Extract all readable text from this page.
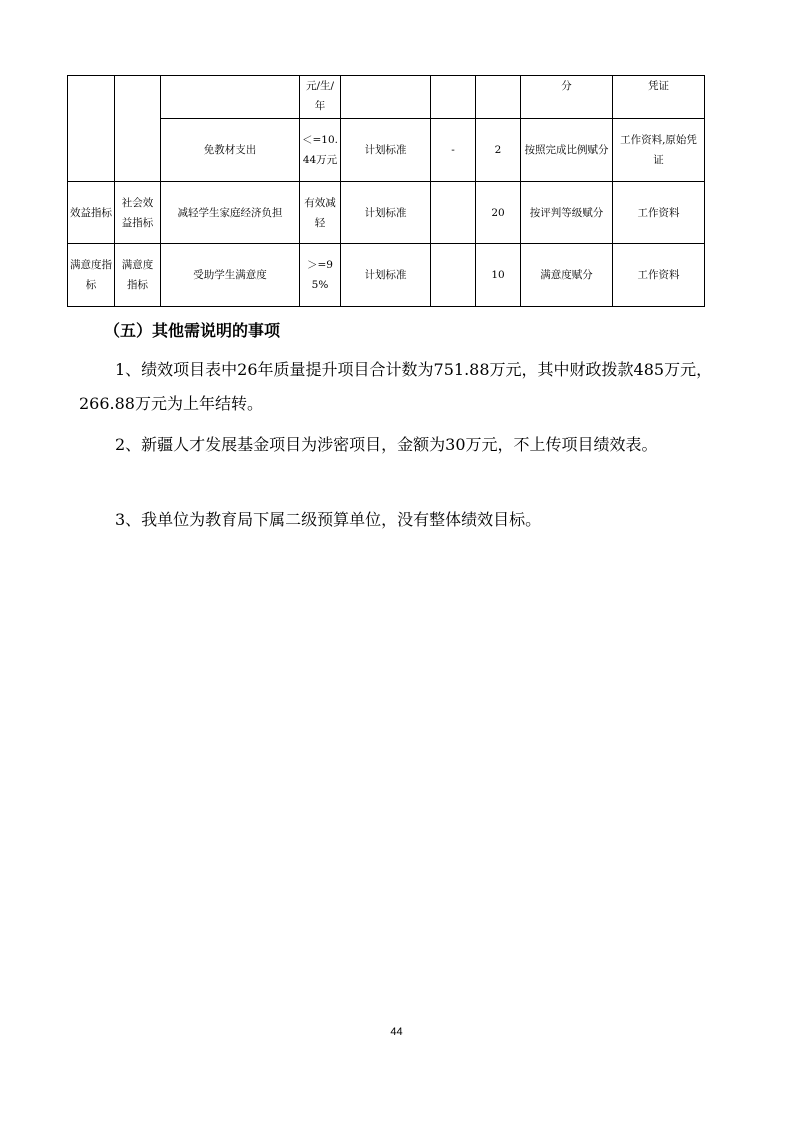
			元/生/年				分	凭证
		免教材支出	＜=10.44万元	计划标准	-	2	按照完成比例赋分	工作资料,原始凭证
效益指标	社会效益指标	减轻学生家庭经济负担	有效减轻	计划标准		20	按评判等级赋分	工作资料
满意度指标	满意度指标	受助学生满意度	＞=95%	计划标准		10	满意度赋分	工作资料
（五）其他需说明的事项

1、绩效项目表中26年质量提升项目合计数为751.88万元，其中财政拨款485万元，266.88万元为上年结转。

2、新疆人才发展基金项目为涉密项目，金额为30万元，不上传项目绩效表。

3、我单位为教育局下属二级预算单位，没有整体绩效目标。

44
